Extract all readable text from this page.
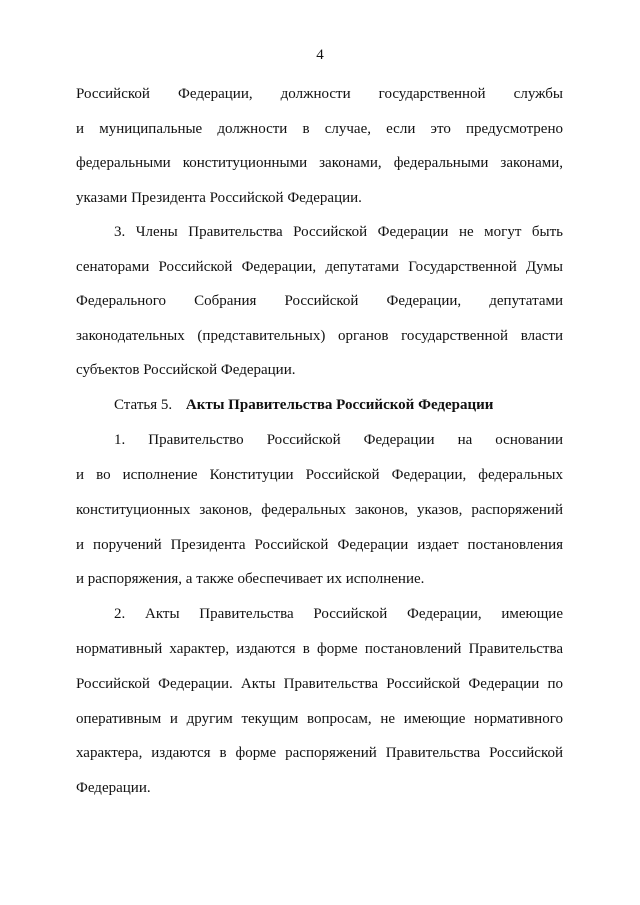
4
Российской Федерации, должности государственной службы
и муниципальные должности в случае, если это предусмотрено
федеральными конституционными законами, федеральными законами,
указами Президента Российской Федерации.
3. Члены Правительства Российской Федерации не могут быть
сенаторами Российской Федерации, депутатами Государственной Думы
Федерального Собрания Российской Федерации, депутатами
законодательных (представительных) органов государственной власти
субъектов Российской Федерации.
Статья 5. Акты Правительства Российской Федерации
1. Правительство Российской Федерации на основании
и во исполнение Конституции Российской Федерации, федеральных
конституционных законов, федеральных законов, указов, распоряжений
и поручений Президента Российской Федерации издает постановления
и распоряжения, а также обеспечивает их исполнение.
2. Акты Правительства Российской Федерации, имеющие
нормативный характер, издаются в форме постановлений Правительства
Российской Федерации. Акты Правительства Российской Федерации по
оперативным и другим текущим вопросам, не имеющие нормативного
характера, издаются в форме распоряжений Правительства Российской
Федерации.
